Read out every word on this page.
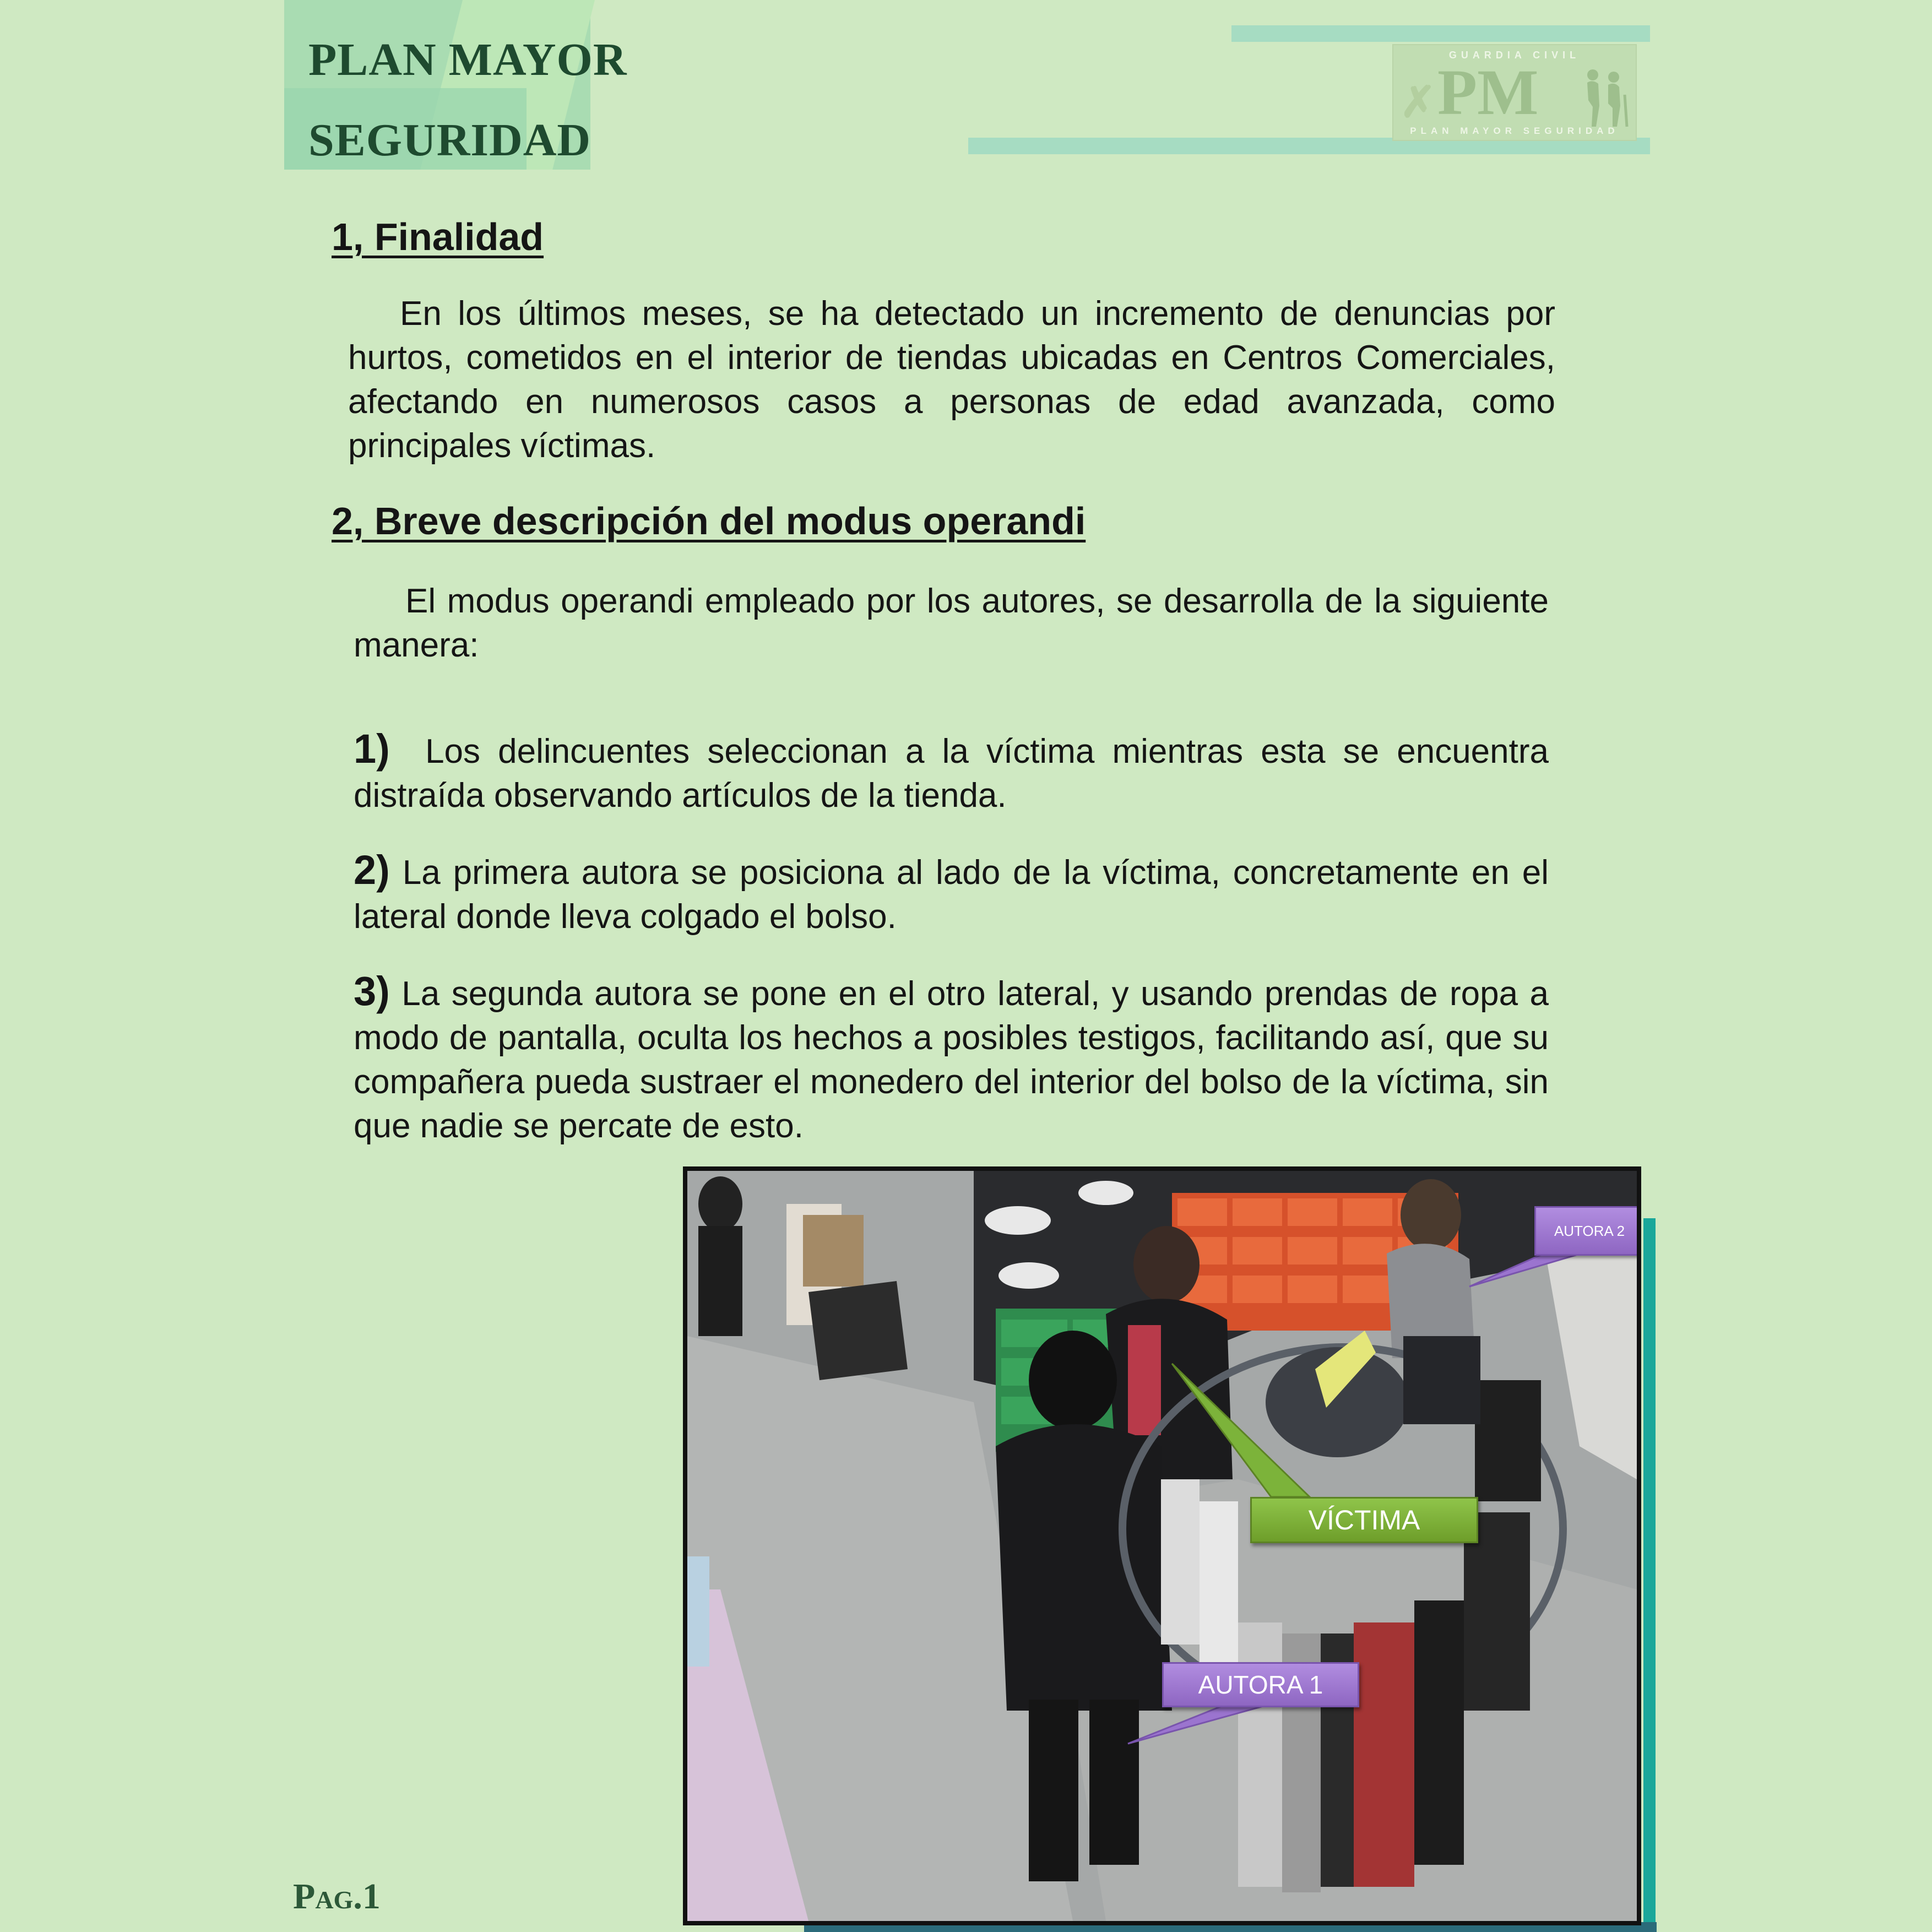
PLAN MAYOR
SEGURIDAD
GUARDIA CIVIL
✗ PM
PLAN MAYOR SEGURIDAD
1, Finalidad

En los últimos meses, se ha detectado un incremento de denuncias por hurtos, cometidos en el interior de tiendas ubicadas en Centros Comerciales, afectando en numerosos casos a personas de edad avanzada, como principales víctimas.

2, Breve descripción del modus operandi

El modus operandi empleado por los autores, se desarrolla de la siguiente manera:

1) Los delincuentes seleccionan a la víctima mientras esta se encuentra distraída observando artículos de la tienda.

2) La primera autora se posiciona al lado de la víctima, concretamente en el lateral donde lleva colgado el bolso.

3) La segunda autora se pone en el otro lateral, y usando prendas de ropa a modo de pantalla, oculta los hechos a posibles testigos, facilitando así, que su compañera pueda sustraer el monedero del interior del bolso de la víctima, sin que nadie se percate de esto.

VÍCTIMA
AUTORA 1
AUTORA 2

Pag.1
